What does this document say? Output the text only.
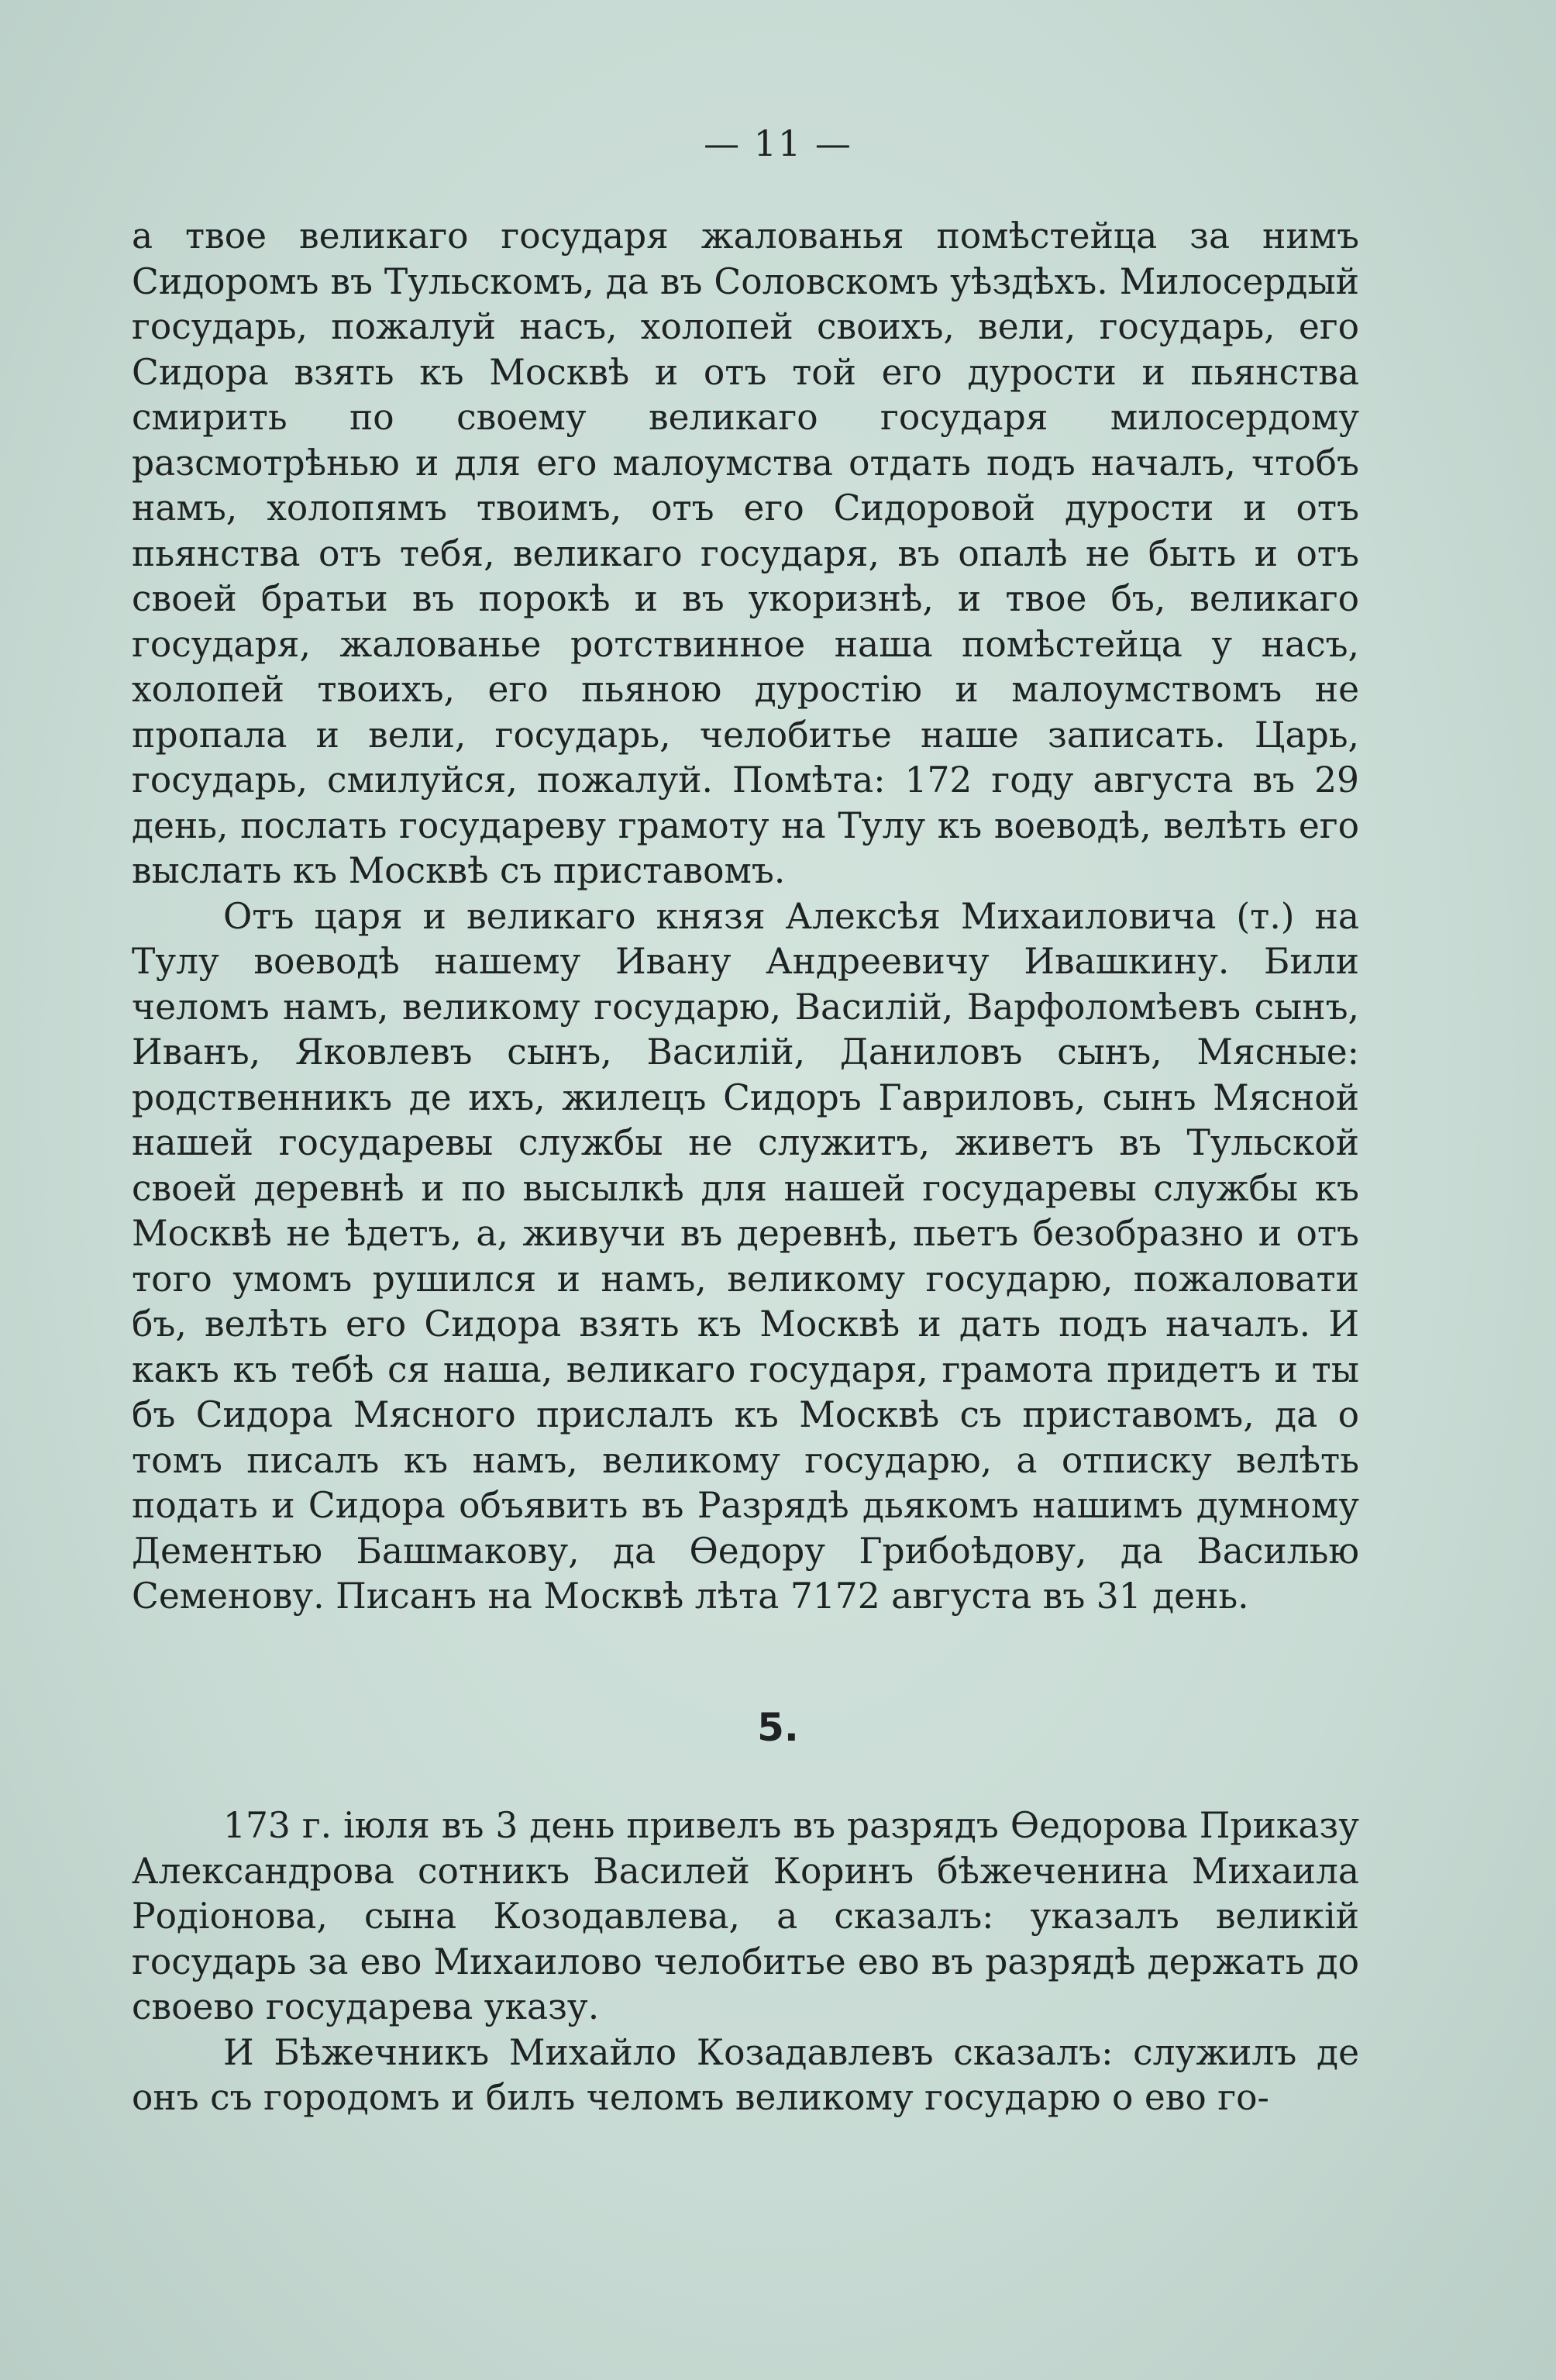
— 11 —

а твое великаго государя жалованья помѣстейца за нимъ Сидоромъ въ Тульскомъ, да въ Соловскомъ уѣздѣхъ. Милосердый государь, пожалуй насъ, холопей своихъ, вели, государь, его Сидора взять къ Москвѣ и отъ той его дурости и пьянства смирить по своему великаго государя милосердому разсмотрѣнью и для его малоумства отдать подъ началъ, чтобъ намъ, холопямъ твоимъ, отъ его Сидоровой дурости и отъ пьянства отъ тебя, великаго государя, въ опалѣ не быть и отъ своей братьи въ порокѣ и въ укоризнѣ, и твое бъ, великаго государя, жалованье ротствинное наша помѣстейца у насъ, холопей твоихъ, его пьяною дуростію и малоумствомъ не пропала и вели, государь, челобитье наше записать. Царь, государь, смилуйся, пожалуй. Помѣта: 172 году августа въ 29 день, послать государеву грамоту на Тулу къ воеводѣ, велѣть его выслать къ Москвѣ съ приставомъ.

Отъ царя и великаго князя Алексѣя Михаиловича (т.) на Тулу воеводѣ нашему Ивану Андреевичу Ивашкину. Били челомъ намъ, великому государю, Василій, Варфоломѣевъ сынъ, Иванъ, Яковлевъ сынъ, Василій, Даниловъ сынъ, Мясные: родственникъ де ихъ, жилецъ Сидоръ Гавриловъ, сынъ Мясной нашей государевы службы не служитъ, живетъ въ Тульской своей деревнѣ и по высылкѣ для нашей государевы службы къ Москвѣ не ѣдетъ, а, живучи въ деревнѣ, пьетъ безобразно и отъ того умомъ рушился и намъ, великому государю, пожаловати бъ, велѣть его Сидора взять къ Москвѣ и дать подъ началъ. И какъ къ тебѣ ся наша, великаго государя, грамота придетъ и ты бъ Сидора Мясного прислалъ къ Москвѣ съ приставомъ, да о томъ писалъ къ намъ, великому государю, а отписку велѣть подать и Сидора объявить въ Разрядѣ дьякомъ нашимъ думному Дементью Башмакову, да Ѳедору Грибоѣдову, да Василью Семенову. Писанъ на Москвѣ лѣта 7172 августа въ 31 день.

5.

173 г. іюля въ 3 день привелъ въ разрядъ Ѳедорова Приказу Александрова сотникъ Василей Коринъ бѣжеченина Михаила Родіонова, сына Козодавлева, а сказалъ: указалъ великій государь за ево Михаилово челобитье ево въ разрядѣ держать до своево государева указу.

И Бѣжечникъ Михайло Козадавлевъ сказалъ: служилъ де онъ съ городомъ и билъ челомъ великому государю о ево го-
